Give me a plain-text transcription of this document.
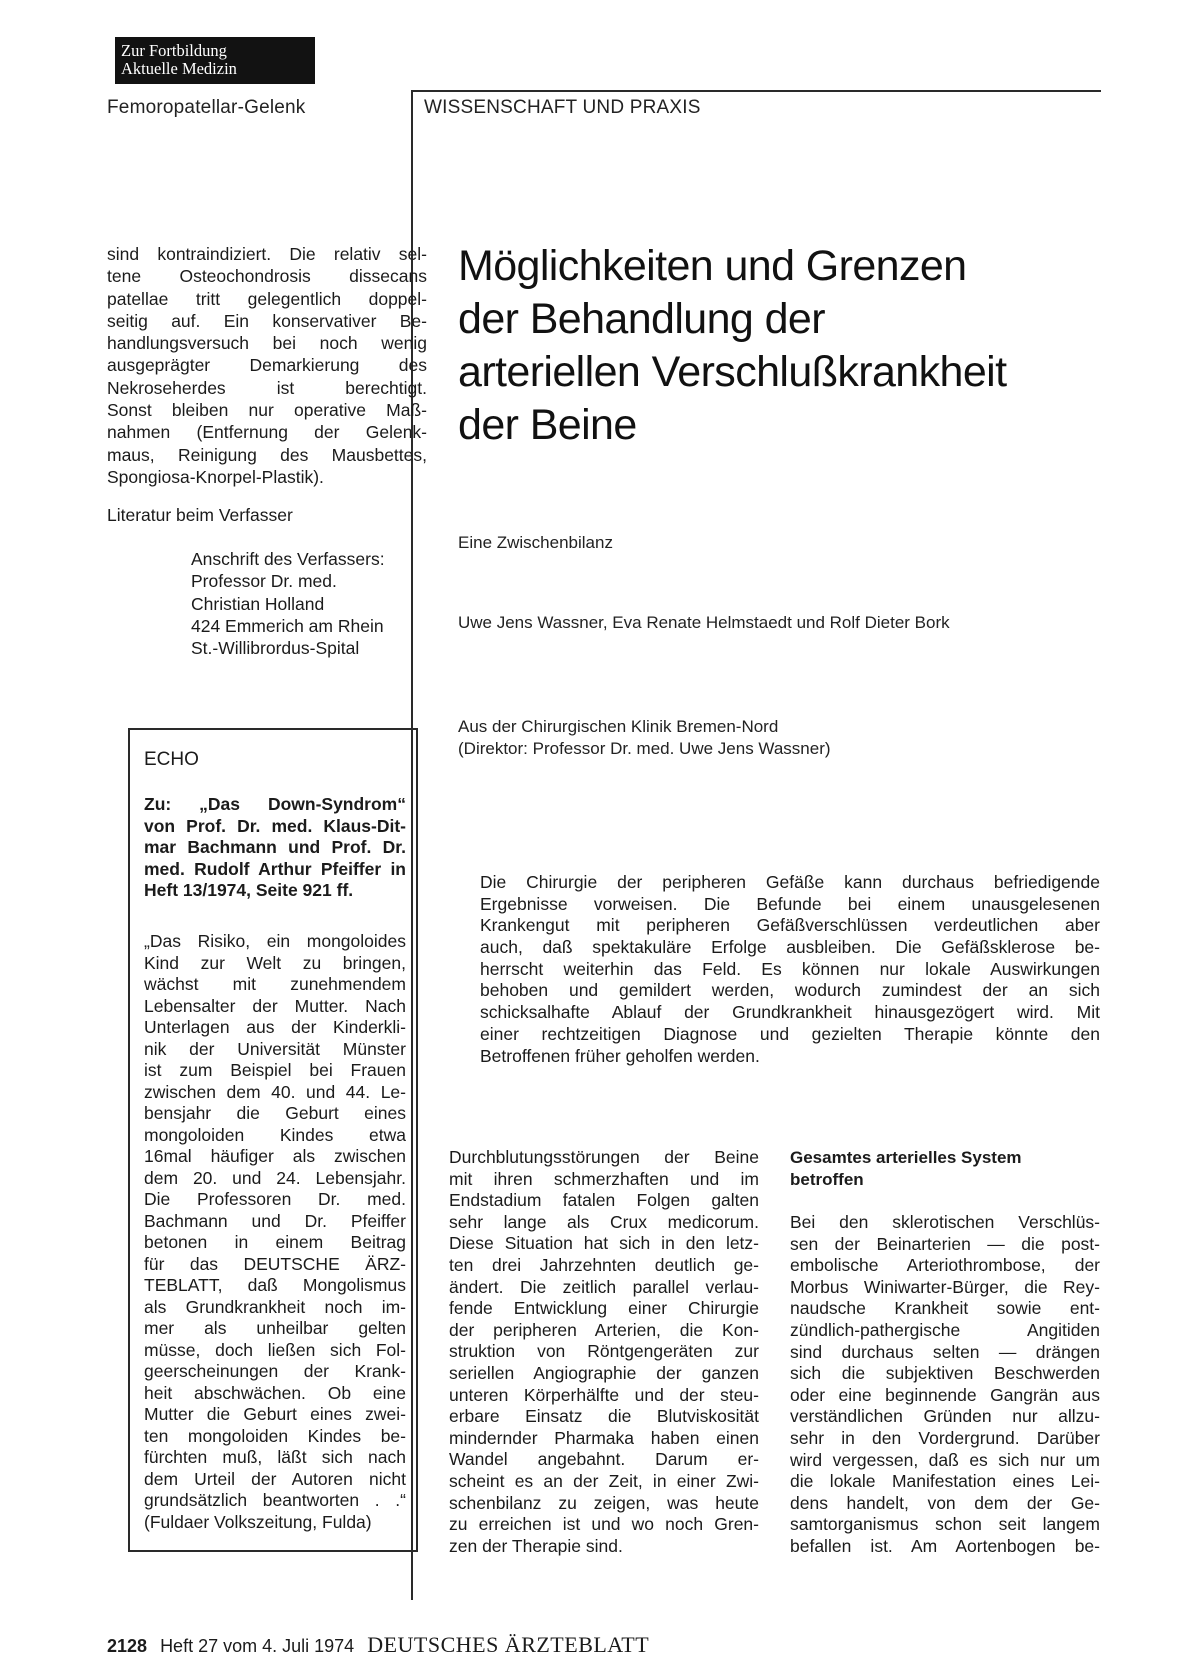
Zur Fortbildung
Aktuelle Medizin
Femoropatellar-Gelenk	WISSENSCHAFT UND PRAXIS
sind kontraindiziert. Die relativ sel-
tene Osteochondrosis dissecans
patellae tritt gelegentlich doppel-
seitig auf. Ein konservativer Be-
handlungsversuch bei noch wenig
ausgeprägter Demarkierung des
Nekroseherdes ist berechtigt.
Sonst bleiben nur operative Maß-
nahmen (Entfernung der Gelenk-
maus, Reinigung des Mausbettes,
Spongiosa-Knorpel-Plastik).
Literatur beim Verfasser
Anschrift des Verfassers:
Professor Dr. med.
Christian Holland
424 Emmerich am Rhein
St.-Willibrordus-Spital
ECHO
Zu: „Das Down-Syndrom“
von Prof. Dr. med. Klaus-Dit-
mar Bachmann und Prof. Dr.
med. Rudolf Arthur Pfeiffer in
Heft 13/1974, Seite 921 ff.
„Das Risiko, ein mongoloides
Kind zur Welt zu bringen,
wächst mit zunehmendem
Lebensalter der Mutter. Nach
Unterlagen aus der Kinderkli-
nik der Universität Münster
ist zum Beispiel bei Frauen
zwischen dem 40. und 44. Le-
bensjahr die Geburt eines
mongoloiden Kindes etwa
16mal häufiger als zwischen
dem 20. und 24. Lebensjahr.
Die Professoren Dr. med.
Bachmann und Dr. Pfeiffer
betonen in einem Beitrag
für das DEUTSCHE ÄRZ-
TEBLATT, daß Mongolismus
als Grundkrankheit noch im-
mer als unheilbar gelten
müsse, doch ließen sich Fol-
geerscheinungen der Krank-
heit abschwächen. Ob eine
Mutter die Geburt eines zwei-
ten mongoloiden Kindes be-
fürchten muß, läßt sich nach
dem Urteil der Autoren nicht
grundsätzlich beantworten . .“
(Fuldaer Volkszeitung, Fulda)
Möglichkeiten und Grenzen
der Behandlung der
arteriellen Verschlußkrankheit
der Beine
Eine Zwischenbilanz
Uwe Jens Wassner, Eva Renate Helmstaedt und Rolf Dieter Bork
Aus der Chirurgischen Klinik Bremen-Nord
(Direktor: Professor Dr. med. Uwe Jens Wassner)
Die Chirurgie der peripheren Gefäße kann durchaus befriedigende
Ergebnisse vorweisen. Die Befunde bei einem unausgelesenen
Krankengut mit peripheren Gefäßverschlüssen verdeutlichen aber
auch, daß spektakuläre Erfolge ausbleiben. Die Gefäßsklerose be-
herrscht weiterhin das Feld. Es können nur lokale Auswirkungen
behoben und gemildert werden, wodurch zumindest der an sich
schicksalhafte Ablauf der Grundkrankheit hinausgezögert wird. Mit
einer rechtzeitigen Diagnose und gezielten Therapie könnte den
Betroffenen früher geholfen werden.
Durchblutungsstörungen der Beine
mit ihren schmerzhaften und im
Endstadium fatalen Folgen galten
sehr lange als Crux medicorum.
Diese Situation hat sich in den letz-
ten drei Jahrzehnten deutlich ge-
ändert. Die zeitlich parallel verlau-
fende Entwicklung einer Chirurgie
der peripheren Arterien, die Kon-
struktion von Röntgengeräten zur
seriellen Angiographie der ganzen
unteren Körperhälfte und der steu-
erbare Einsatz die Blutviskosität
mindernder Pharmaka haben einen
Wandel angebahnt. Darum er-
scheint es an der Zeit, in einer Zwi-
schenbilanz zu zeigen, was heute
zu erreichen ist und wo noch Gren-
zen der Therapie sind.
Gesamtes arterielles System
betroffen
Bei den sklerotischen Verschlüs-
sen der Beinarterien — die post-
embolische Arteriothrombose, der
Morbus Winiwarter-Bürger, die Rey-
naudsche Krankheit sowie ent-
zündlich-pathergische Angitiden
sind durchaus selten — drängen
sich die subjektiven Beschwerden
oder eine beginnende Gangrän aus
verständlichen Gründen nur allzu-
sehr in den Vordergrund. Darüber
wird vergessen, daß es sich nur um
die lokale Manifestation eines Lei-
dens handelt, von dem der Ge-
samtorganismus schon seit langem
befallen ist. Am Aortenbogen be-
2128 Heft 27 vom 4. Juli 1974 DEUTSCHES ÄRZTEBLATT
